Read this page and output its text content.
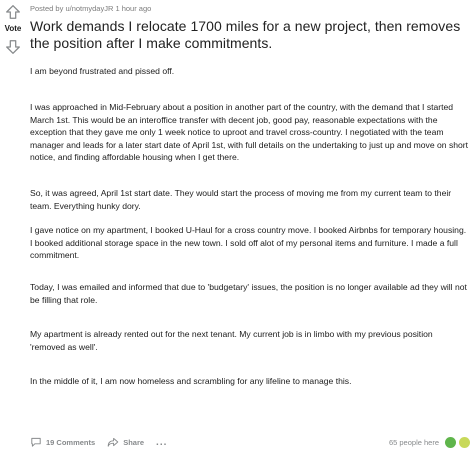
Vote
Posted by u/notmydayJR 1 hour ago
Work demands I relocate 1700 miles for a new project, then removes the position after I make commitments.

I am beyond frustrated and pissed off.

I was approached in Mid-February about a position in another part of the country, with the demand that I started March 1st. This would be an interoffice transfer with decent job, good pay, reasonable expectations with the exception that they gave me only 1 week notice to uproot and travel cross-country. I negotiated with the team manager and leads for a later start date of April 1st, with full details on the undertaking to just up and move on short notice, and finding affordable housing when I get there.

So, it was agreed, April 1st start date. They would start the process of moving me from my current team to their team. Everything hunky dory.

I gave notice on my apartment, I booked U-Haul for a cross country move. I booked Airbnbs for temporary housing. I booked additional storage space in the new town. I sold off alot of my personal items and furniture. I made a full commitment.

Today, I was emailed and informed that due to 'budgetary' issues, the position is no longer available ad they will not be filling that role.

My apartment is already rented out for the next tenant. My current job is in limbo with my previous position 'removed as well'.

In the middle of it, I am now homeless and scrambling for any lifeline to manage this.

19 Comments	Share ...	65 people here
